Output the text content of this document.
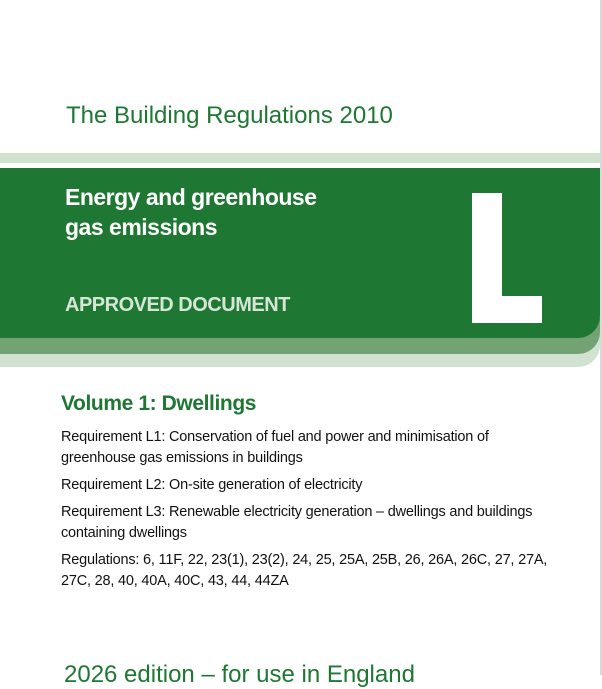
The Building Regulations 2010
Energy and greenhouse
gas emissions
APPROVED DOCUMENT
Volume 1: Dwellings

Requirement L1: Conservation of fuel and power and minimisation of greenhouse gas emissions in buildings

Requirement L2: On-site generation of electricity

Requirement L3: Renewable electricity generation – dwellings and buildings containing dwellings

Regulations: 6, 11F, 22, 23(1), 23(2), 24, 25, 25A, 25B, 26, 26A, 26C, 27, 27A, 27C, 28, 40, 40A, 40C, 43, 44, 44ZA

2026 edition – for use in England
